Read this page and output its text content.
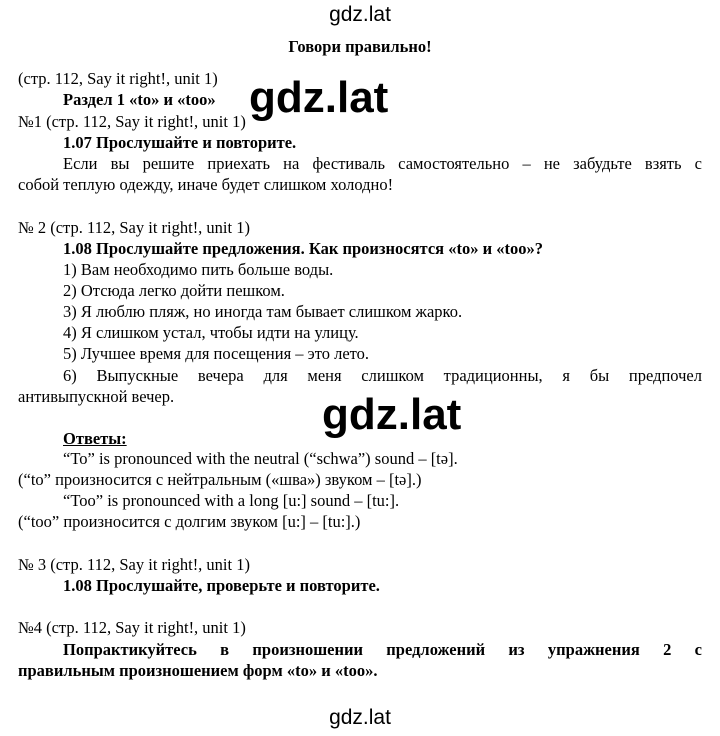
gdz.lat
Говори правильно!
(стр. 112, Say it right!, unit 1)
Раздел 1 «to» и «too»
№1 (стр. 112, Say it right!, unit 1)
1.07 Прослушайте и повторите.
Если вы решите приехать на фестиваль самостоятельно – не забудьте взять с
собой теплую одежду, иначе будет слишком холодно!
gdz.lat
№ 2 (стр. 112, Say it right!, unit 1)
1.08 Прослушайте предложения. Как произносятся «to» и «too»?
1) Вам необходимо пить больше воды.
2) Отсюда легко дойти пешком.
3) Я люблю пляж, но иногда там бывает слишком жарко.
4) Я слишком устал, чтобы идти на улицу.
5) Лучшее время для посещения – это лето.
6) Выпускные вечера для меня слишком традиционны, я бы предпочел
антивыпускной вечер.	gdz.lat
Ответы:
“To” is pronounced with the neutral (“schwa”) sound – [tə].
(“to” произносится с нейтральным («шва») звуком – [tə].)
“Too” is pronounced with a long [u:] sound – [tu:].
(“too” произносится с долгим звуком [u:] – [tu:].)
№ 3 (стр. 112, Say it right!, unit 1)
1.08 Прослушайте, проверьте и повторите.
№4 (стр. 112, Say it right!, unit 1)
Попрактикуйтесь в произношении предложений из упражнения 2 с
правильным произношением форм «to» и «too».
gdz.lat
